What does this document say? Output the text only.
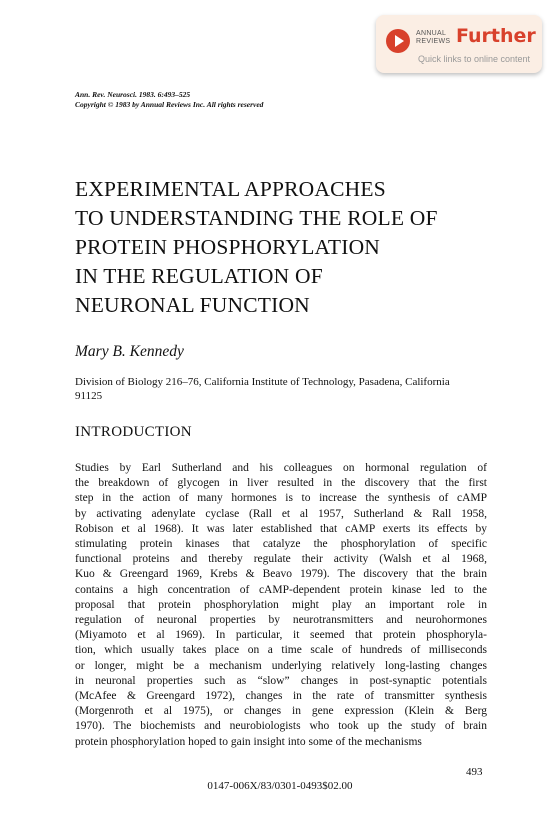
ANNUAL
REVIEWS Further
Quick links to online content
Ann. Rev. Neurosci. 1983. 6:493–525
Copyright © 1983 by Annual Reviews Inc. All rights reserved
EXPERIMENTAL APPROACHES
TO UNDERSTANDING THE ROLE OF
PROTEIN PHOSPHORYLATION
IN THE REGULATION OF
NEURONAL FUNCTION
Mary B. Kennedy
Division of Biology 216–76, California Institute of Technology, Pasadena, California 91125
INTRODUCTION
Studies by Earl Sutherland and his colleagues on hormonal regulation of
the breakdown of glycogen in liver resulted in the discovery that the first
step in the action of many hormones is to increase the synthesis of cAMP
by activating adenylate cyclase (Rall et al 1957, Sutherland & Rall 1958,
Robison et al 1968). It was later established that cAMP exerts its effects by
stimulating protein kinases that catalyze the phosphorylation of specific
functional proteins and thereby regulate their activity (Walsh et al 1968,
Kuo & Greengard 1969, Krebs & Beavo 1979). The discovery that the brain
contains a high concentration of cAMP-dependent protein kinase led to the
proposal that protein phosphorylation might play an important role in
regulation of neuronal properties by neurotransmitters and neurohormones
(Miyamoto et al 1969). In particular, it seemed that protein phosphoryla-
tion, which usually takes place on a time scale of hundreds of milliseconds
or longer, might be a mechanism underlying relatively long-lasting changes
in neuronal properties such as “slow” changes in post-synaptic potentials
(McAfee & Greengard 1972), changes in the rate of transmitter synthesis
(Morgenroth et al 1975), or changes in gene expression (Klein & Berg
1970). The biochemists and neurobiologists who took up the study of brain
protein phosphorylation hoped to gain insight into some of the mechanisms
493
0147-006X/83/0301-0493$02.00
